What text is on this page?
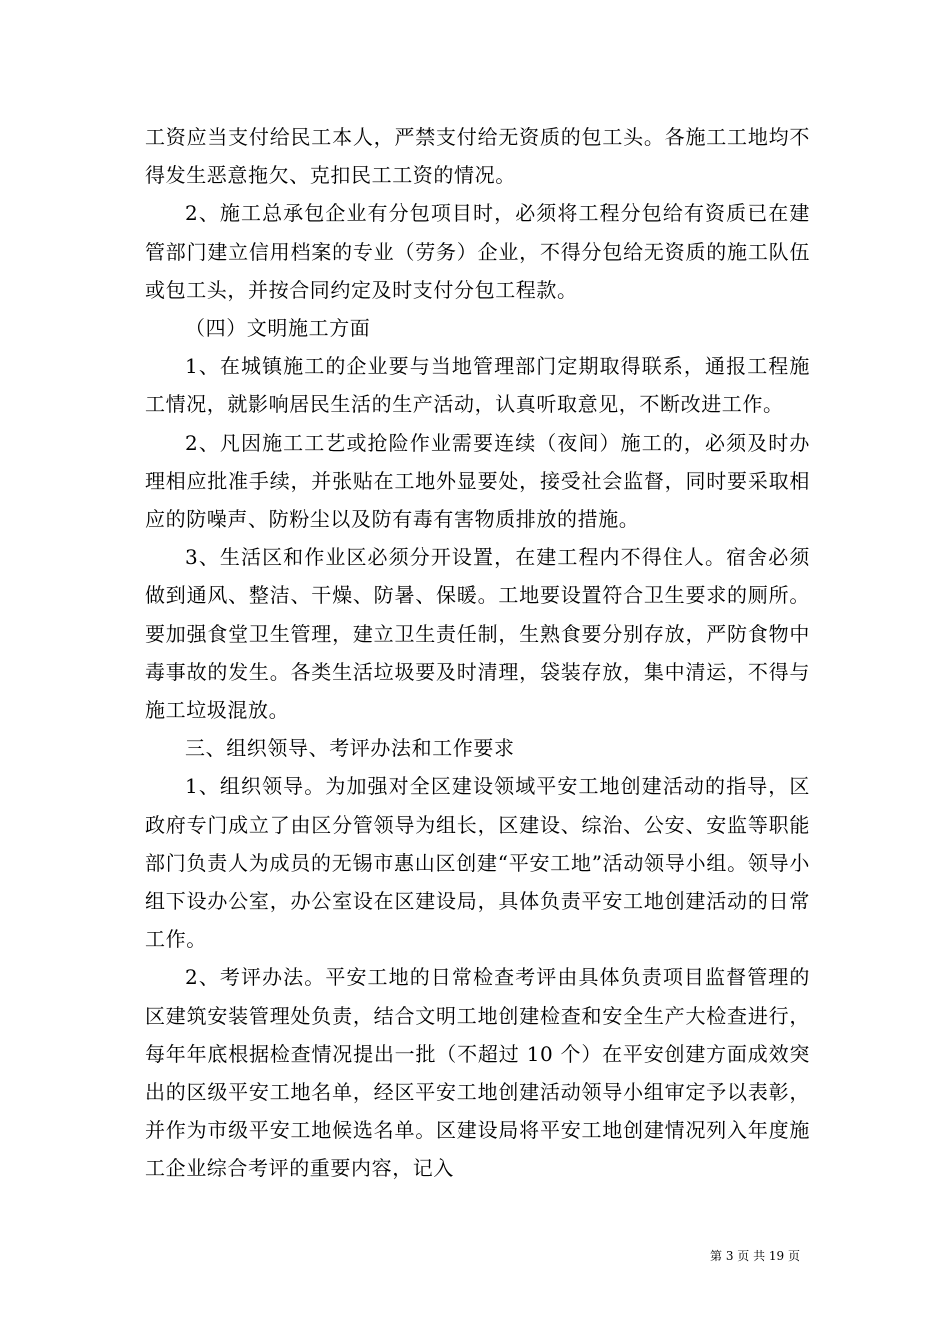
工资应当支付给民工本人，严禁支付给无资质的包工头。各施工工地均不得发生恶意拖欠、克扣民工工资的情况。

2、施工总承包企业有分包项目时，必须将工程分包给有资质已在建管部门建立信用档案的专业（劳务）企业，不得分包给无资质的施工队伍或包工头，并按合同约定及时支付分包工程款。

（四）文明施工方面

1、在城镇施工的企业要与当地管理部门定期取得联系，通报工程施工情况，就影响居民生活的生产活动，认真听取意见，不断改进工作。

2、凡因施工工艺或抢险作业需要连续（夜间）施工的，必须及时办理相应批准手续，并张贴在工地外显要处，接受社会监督，同时要采取相应的防噪声、防粉尘以及防有毒有害物质排放的措施。

3、生活区和作业区必须分开设置，在建工程内不得住人。宿舍必须做到通风、整洁、干燥、防暑、保暖。工地要设置符合卫生要求的厕所。要加强食堂卫生管理，建立卫生责任制，生熟食要分别存放，严防食物中毒事故的发生。各类生活垃圾要及时清理，袋装存放，集中清运，不得与施工垃圾混放。

三、组织领导、考评办法和工作要求

1、组织领导。为加强对全区建设领域平安工地创建活动的指导，区政府专门成立了由区分管领导为组长，区建设、综治、公安、安监等职能部门负责人为成员的无锡市惠山区创建“平安工地”活动领导小组。领导小组下设办公室，办公室设在区建设局，具体负责平安工地创建活动的日常工作。

2、考评办法。平安工地的日常检查考评由具体负责项目监督管理的区建筑安装管理处负责，结合文明工地创建检查和安全生产大检查进行，每年年底根据检查情况提出一批（不超过 10 个）在平安创建方面成效突出的区级平安工地名单，经区平安工地创建活动领导小组审定予以表彰，并作为市级平安工地候选名单。区建设局将平安工地创建情况列入年度施工企业综合考评的重要内容，记入

第 3 页 共 19 页
